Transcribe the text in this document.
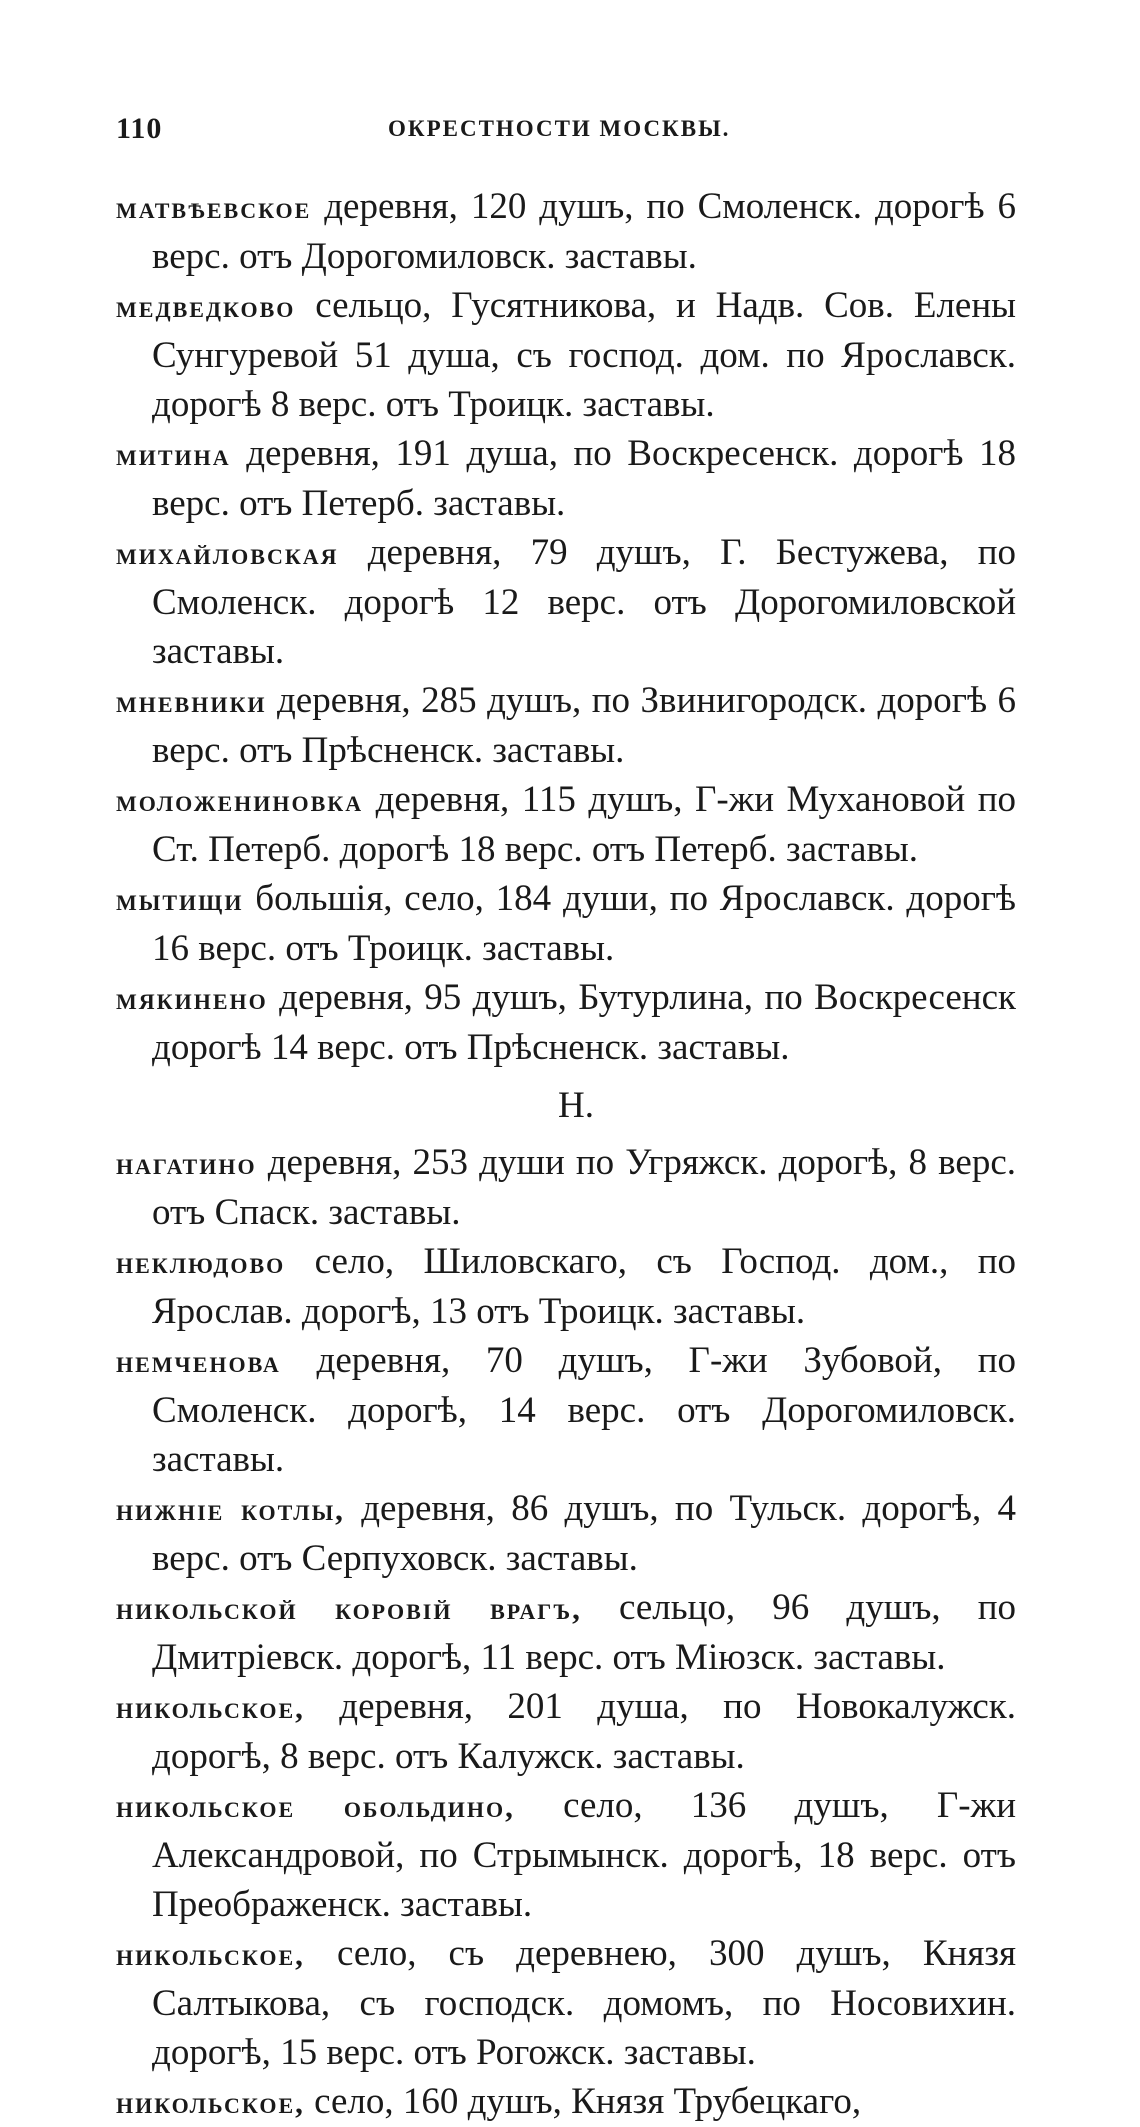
110	ОКРЕСТНОСТИ МОСКВЫ.

матвѣевское деревня, 120 душъ, по Смоленск. дорогѣ 6 верс. отъ Дорогомиловск. заставы.

медведково сельцо, Гусятникова, и Надв. Сов. Елены Сунгуревой 51 душа, съ господ. дом. по Ярославск. дорогѣ 8 верс. отъ Троицк. заставы.

митина деревня, 191 душа, по Воскресенск. дорогѣ 18 верс. отъ Петерб. заставы.

михайловская деревня, 79 душъ, Г. Бестужева, по Смоленск. дорогѣ 12 верс. отъ Дорогомиловской заставы.

мневники деревня, 285 душъ, по Звинигородск. дорогѣ 6 верс. отъ Прѣсненск. заставы.

моложениновка деревня, 115 душъ, Г-жи Мухановой по Ст. Петерб. дорогѣ 18 верс. отъ Петерб. заставы.

мытищи большія, село, 184 души, по Ярославск. дорогѣ 16 верс. отъ Троицк. заставы.

мякинено деревня, 95 душъ, Бутурлина, по Воскресенск дорогѣ 14 верс. отъ Прѣсненск. заставы.

Н.

нагатино деревня, 253 души по Угряжск. дорогѣ, 8 верс. отъ Спаск. заставы.

неклюдово село, Шиловскаго, съ Господ. дом., по Ярослав. дорогѣ, 13 отъ Троицк. заставы.

немченова деревня, 70 душъ, Г-жи Зубовой, по Смоленск. дорогѣ, 14 верс. отъ Дорогомиловск. заставы.

нижніе котлы, деревня, 86 душъ, по Тульск. дорогѣ, 4 верс. отъ Серпуховск. заставы.

никольской коровій врагъ, сельцо, 96 душъ, по Дмитріевск. дорогѣ, 11 верс. отъ Міюзск. заставы.

никольское, деревня, 201 душа, по Новокалужск. дорогѣ, 8 верс. отъ Калужск. заставы.

никольское обольдино, село, 136 душъ, Г-жи Александровой, по Стрымынск. дорогѣ, 18 верс. отъ Преображенск. заставы.

никольское, село, съ деревнею, 300 душъ, Князя Салтыкова, съ господск. домомъ, по Носовихин. дорогѣ, 15 верс. отъ Рогожск. заставы.

никольское, село, 160 душъ, Князя Трубецкаго,
